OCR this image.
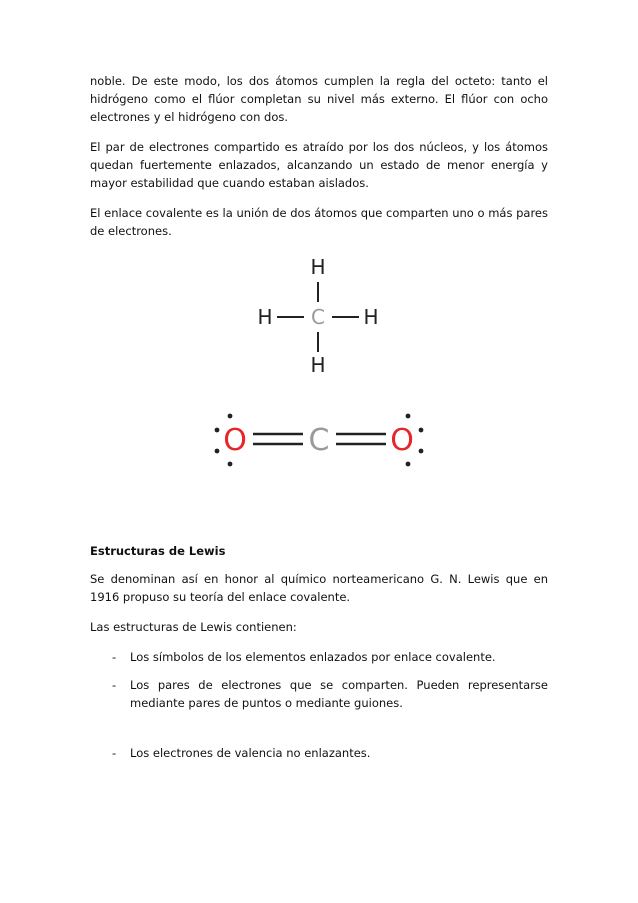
noble. De este modo, los dos átomos cumplen la regla del octeto: tanto el hidrógeno como el flúor completan su nivel más externo. El flúor con ocho electrones y el hidrógeno con dos.

El par de electrones compartido es atraído por los dos núcleos, y los átomos quedan fuertemente enlazados, alcanzando un estado de menor energía y mayor estabilidad que cuando estaban aislados.

El enlace covalente es la unión de dos átomos que comparten uno o más pares de electrones.

H
H C H
H
O C O
Estructuras de Lewis

Se denominan así en honor al químico norteamericano G. N. Lewis que en 1916 propuso su teoría del enlace covalente.

Las estructuras de Lewis contienen:

- Los símbolos de los elementos enlazados por enlace covalente.
- Los pares de electrones que se comparten. Pueden representarse mediante pares de puntos o mediante guiones.
- Los electrones de valencia no enlazantes.
